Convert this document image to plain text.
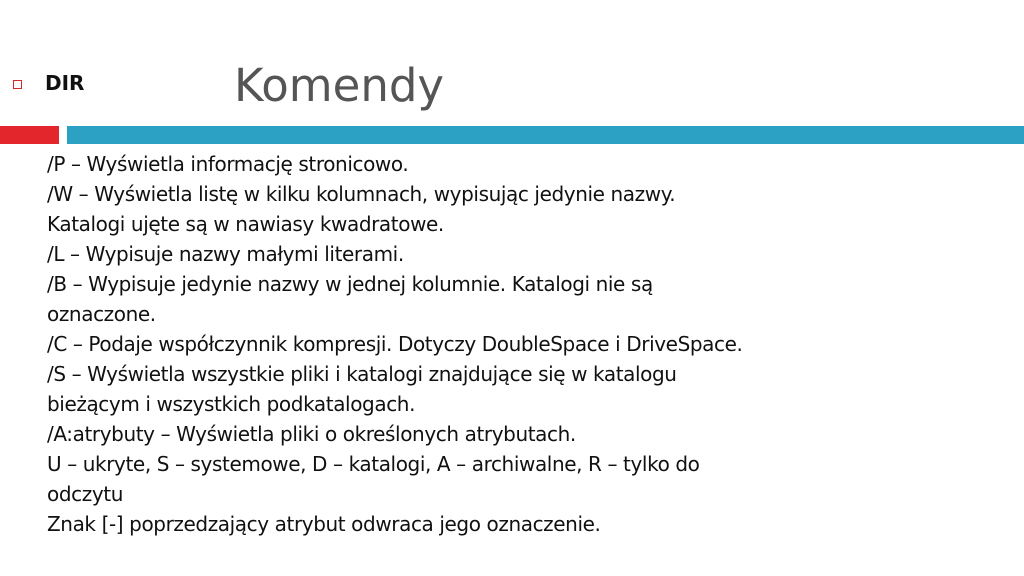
DIR	Komendy
/P – Wyświetla informację stronicowo.
/W – Wyświetla listę w kilku kolumnach, wypisując jedynie nazwy.
Katalogi ujęte są w nawiasy kwadratowe.
/L – Wypisuje nazwy małymi literami.
/B – Wypisuje jedynie nazwy w jednej kolumnie. Katalogi nie są
oznaczone.
/C – Podaje współczynnik kompresji. Dotyczy DoubleSpace i DriveSpace.
/S – Wyświetla wszystkie pliki i katalogi znajdujące się w katalogu
bieżącym i wszystkich podkatalogach.
/A:atrybuty – Wyświetla pliki o określonych atrybutach.
U – ukryte, S – systemowe, D – katalogi, A – archiwalne, R – tylko do
odczytu
Znak [-] poprzedzający atrybut odwraca jego oznaczenie.
